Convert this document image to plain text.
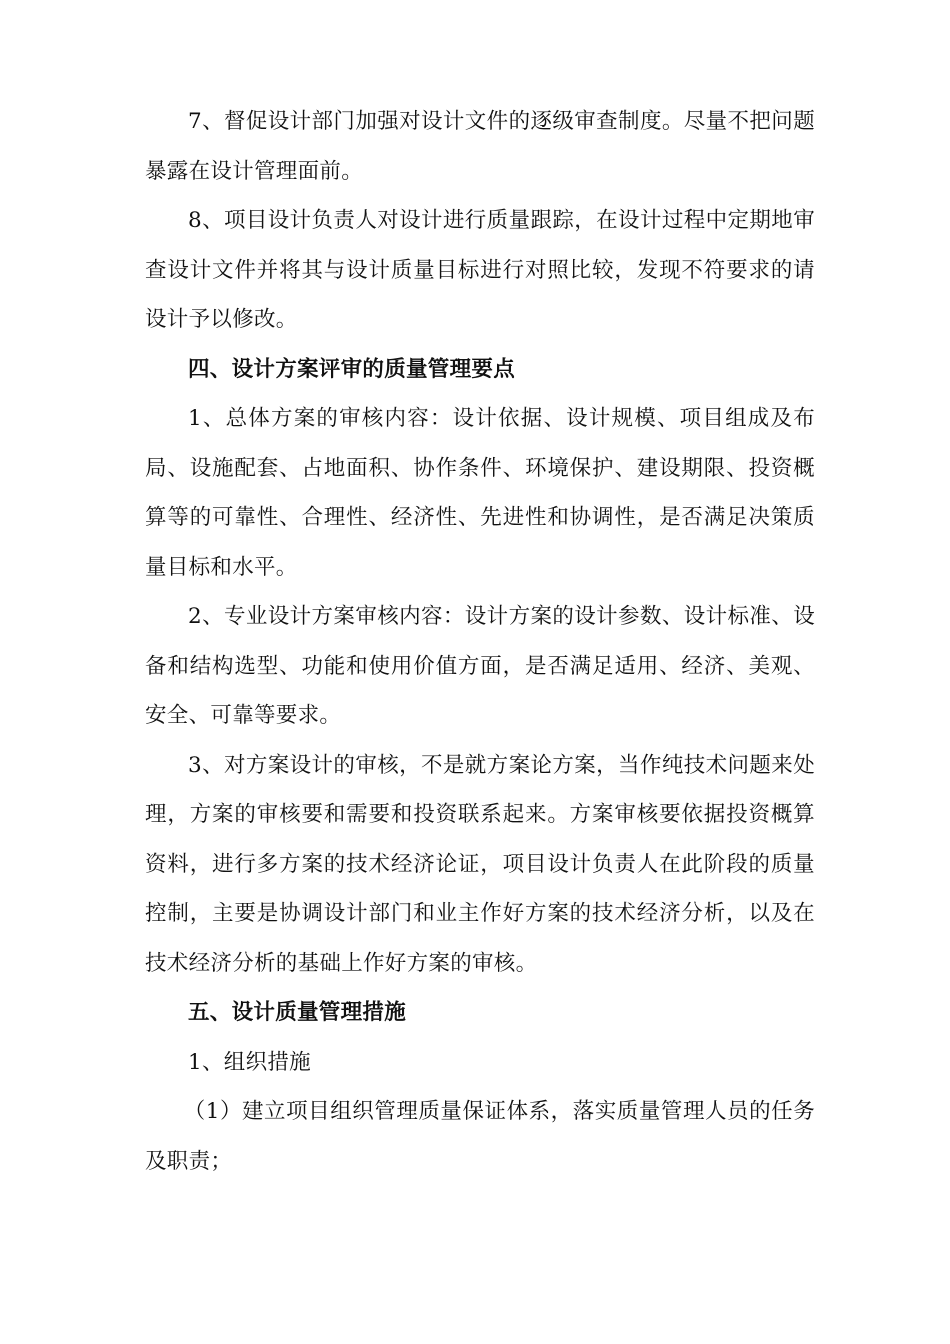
7、督促设计部门加强对设计文件的逐级审查制度。尽量不把问题暴露在设计管理面前。

8、项目设计负责人对设计进行质量跟踪，在设计过程中定期地审查设计文件并将其与设计质量目标进行对照比较，发现不符要求的请设计予以修改。

四、设计方案评审的质量管理要点

1、总体方案的审核内容：设计依据、设计规模、项目组成及布局、设施配套、占地面积、协作条件、环境保护、建设期限、投资概算等的可靠性、合理性、经济性、先进性和协调性，是否满足决策质量目标和水平。

2、专业设计方案审核内容：设计方案的设计参数、设计标准、设备和结构选型、功能和使用价值方面，是否满足适用、经济、美观、安全、可靠等要求。

3、对方案设计的审核，不是就方案论方案，当作纯技术问题来处理，方案的审核要和需要和投资联系起来。方案审核要依据投资概算资料，进行多方案的技术经济论证，项目设计负责人在此阶段的质量控制，主要是协调设计部门和业主作好方案的技术经济分析，以及在技术经济分析的基础上作好方案的审核。

五、设计质量管理措施

1、组织措施

（1）建立项目组织管理质量保证体系，落实质量管理人员的任务及职责；
